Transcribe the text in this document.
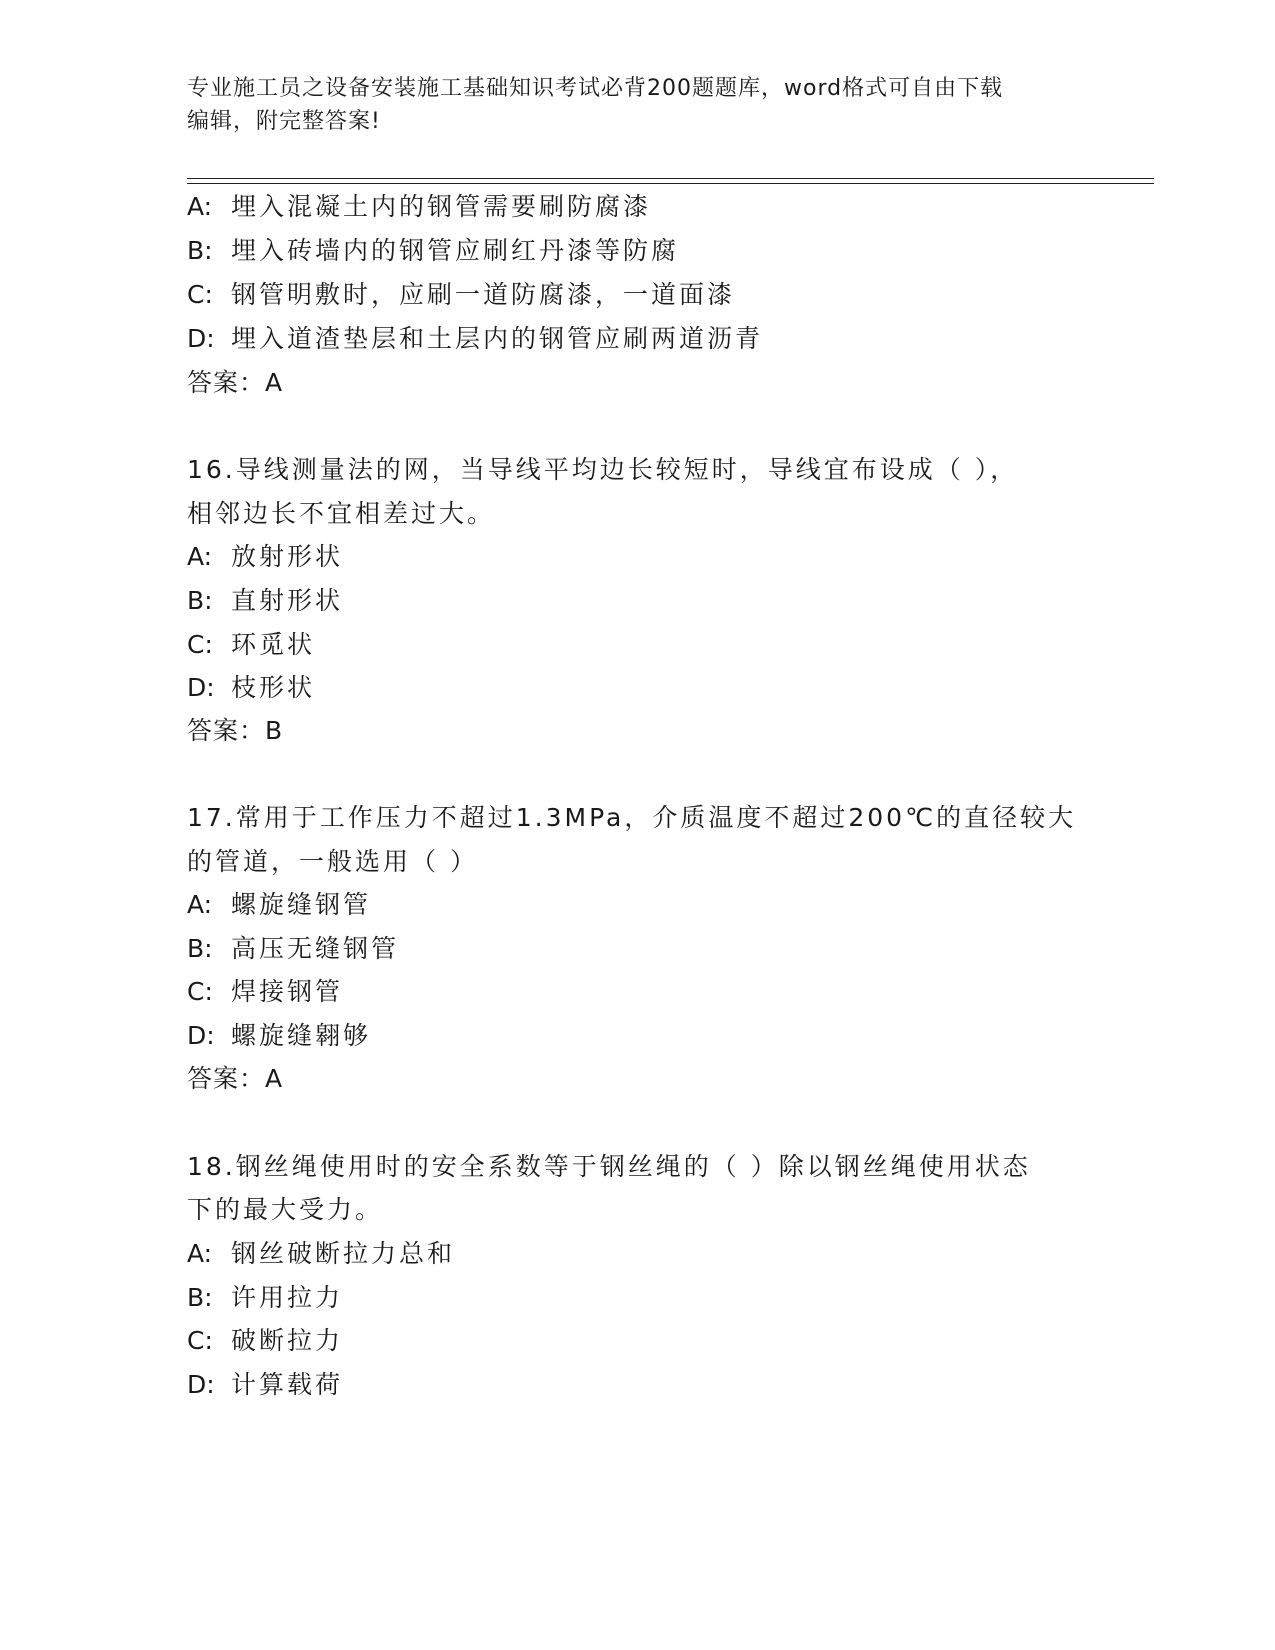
专业施工员之设备安装施工基础知识考试必背200题题库，word格式可自由下载
编辑，附完整答案!
A: 埋入混凝土内的钢管需要刷防腐漆
B: 埋入砖墙内的钢管应刷红丹漆等防腐
C: 钢管明敷时，应刷一道防腐漆，一道面漆
D: 埋入道渣垫层和土层内的钢管应刷两道沥青
答案：A
16.导线测量法的网，当导线平均边长较短时，导线宜布设成（ ），
相邻边长不宜相差过大。
A: 放射形状
B: 直射形状
C: 环觅状
D: 枝形状
答案：B
17.常用于工作压力不超过1.3MPa，介质温度不超过200℃的直径较大
的管道，一般选用（ ）
A: 螺旋缝钢管
B: 高压无缝钢管
C: 焊接钢管
D: 螺旋缝翱够
答案：A
18.钢丝绳使用时的安全系数等于钢丝绳的（ ）除以钢丝绳使用状态
下的最大受力。
A: 钢丝破断拉力总和
B: 许用拉力
C: 破断拉力
D: 计算载荷
